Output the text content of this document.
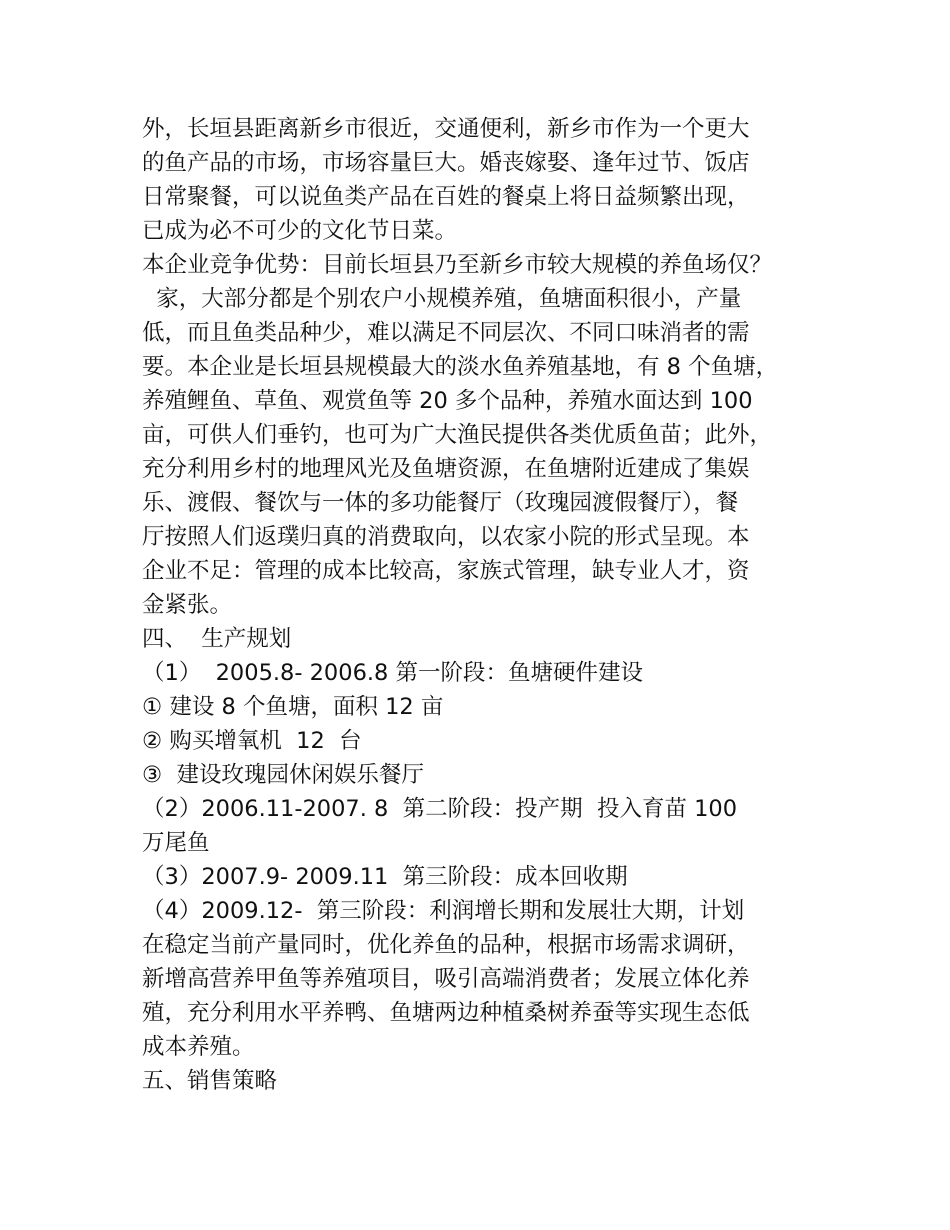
外，长垣县距离新乡市很近，交通便利，新乡市作为一个更大
的鱼产品的市场，市场容量巨大。婚丧嫁娶、逢年过节、饭店
日常聚餐，可以说鱼类产品在百姓的餐桌上将日益频繁出现，
已成为必不可少的文化节日菜。
本企业竞争优势：目前长垣县乃至新乡市较大规模的养鱼场仅？
家，大部分都是个别农户小规模养殖，鱼塘面积很小，产量
低，而且鱼类品种少，难以满足不同层次、不同口味消者的需
要。本企业是长垣县规模最大的淡水鱼养殖基地，有 8 个鱼塘，
养殖鲤鱼、草鱼、观赏鱼等 20 多个品种，养殖水面达到 100
亩，可供人们垂钓，也可为广大渔民提供各类优质鱼苗；此外，
充分利用乡村的地理风光及鱼塘资源，在鱼塘附近建成了集娱
乐、渡假、餐饮与一体的多功能餐厅（玫瑰园渡假餐厅），餐
厅按照人们返璞归真的消费取向，以农家小院的形式呈现。本
企业不足：管理的成本比较高，家族式管理，缺专业人才，资
金紧张。
四、  生产规划
（1）  2005.8- 2006.8 第一阶段：鱼塘硬件建设
① 建设 8 个鱼塘，面积 12 亩
② 购买增氧机  12  台
③  建设玫瑰园休闲娱乐餐厅
（2）2006.11-2007. 8  第二阶段：投产期  投入育苗 100
万尾鱼
（3）2007.9- 2009.11  第三阶段：成本回收期
（4）2009.12-  第三阶段：利润增长期和发展壮大期，计划
在稳定当前产量同时，优化养鱼的品种，根据市场需求调研，
新增高营养甲鱼等养殖项目，吸引高端消费者；发展立体化养
殖，充分利用水平养鸭、鱼塘两边种植桑树养蚕等实现生态低
成本养殖。
五、销售策略
